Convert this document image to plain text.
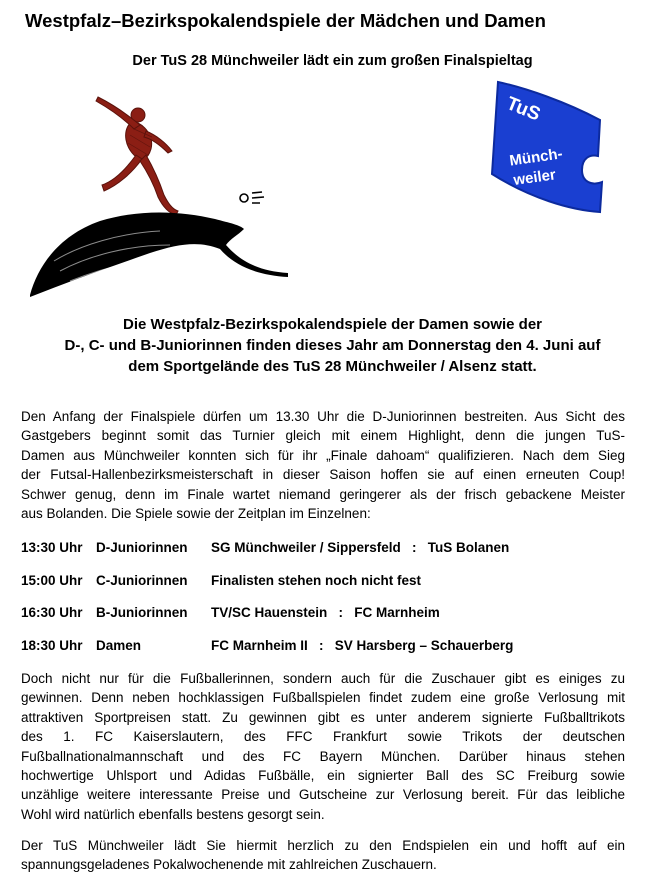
Westpfalz–Bezirkspokalendspiele der Mädchen und Damen
Der TuS 28 Münchweiler lädt ein zum großen Finalspieltag
TuS
Münch-
weiler
Die Westpfalz-Bezirkspokalendspiele der Damen sowie der
D-, C- und B-Juniorinnen finden dieses Jahr am Donnerstag den 4. Juni auf
dem Sportgelände des TuS 28 Münchweiler / Alsenz statt.
Den Anfang der Finalspiele dürfen um 13.30 Uhr die D-Juniorinnen bestreiten. Aus Sicht des
Gastgebers beginnt somit das Turnier gleich mit einem Highlight, denn die jungen TuS-
Damen aus Münchweiler konnten sich für ihr „Finale dahoam“ qualifizieren. Nach dem Sieg
der Futsal-Hallenbezirksmeisterschaft in dieser Saison hoffen sie auf einen erneuten Coup!
Schwer genug, denn im Finale wartet niemand geringerer als der frisch gebackene Meister
aus Bolanden. Die Spiele sowie der Zeitplan im Einzelnen:
13:30 Uhr D-Juniorinnen SG Münchweiler / Sippersfeld   :   TuS Bolanen
15:00 Uhr C-Juniorinnen Finalisten stehen noch nicht fest
16:30 Uhr B-Juniorinnen TV/SC Hauenstein   :   FC Marnheim
18:30 Uhr Damen	FC Marnheim II   :   SV Harsberg – Schauerberg
Doch nicht nur für die Fußballerinnen, sondern auch für die Zuschauer gibt es einiges zu
gewinnen. Denn neben hochklassigen Fußballspielen findet zudem eine große Verlosung mit
attraktiven Sportpreisen statt. Zu gewinnen gibt es unter anderem signierte Fußballtrikots
des 1. FC Kaiserslautern, des FFC Frankfurt sowie Trikots der deutschen
Fußballnationalmannschaft und des FC Bayern München. Darüber hinaus stehen
hochwertige Uhlsport und Adidas Fußbälle, ein signierter Ball des SC Freiburg sowie
unzählige weitere interessante Preise und Gutscheine zur Verlosung bereit. Für das leibliche
Wohl wird natürlich ebenfalls bestens gesorgt sein.
Der TuS Münchweiler lädt Sie hiermit herzlich zu den Endspielen ein und hofft auf ein
spannungsgeladenes Pokalwochenende mit zahlreichen Zuschauern.
